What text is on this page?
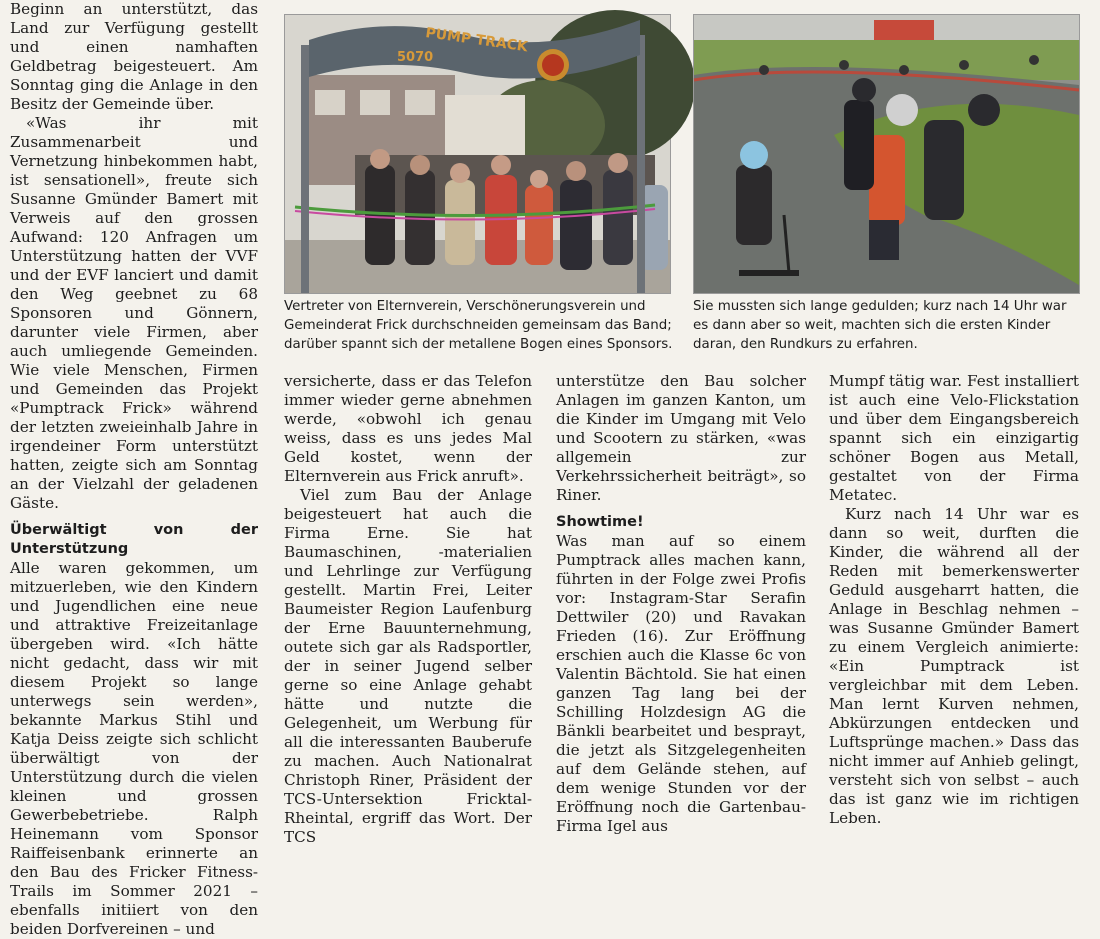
Beginn an unterstützt, das Land zur Verfügung gestellt und einen namhaften Geldbetrag beigesteuert. Am Sonntag ging die Anlage in den Besitz der Gemeinde über.

«Was ihr mit Zusammenarbeit und Vernetzung hinbekommen habt, ist sensationell», freute sich Susanne Gmünder Bamert mit Verweis auf den grossen Aufwand: 120 Anfragen um Unterstützung hatten der VVF und der EVF lanciert und damit den Weg geebnet zu 68 Sponsoren und Gönnern, darunter viele Firmen, aber auch umliegende Gemeinden. Wie viele Menschen, Firmen und Gemeinden das Projekt «Pumptrack Frick» während der letzten zweieinhalb Jahre in irgendeiner Form unterstützt hatten, zeigte sich am Sonntag an der Vielzahl der geladenen Gäste.

Überwältigt von der Unterstützung

Alle waren gekommen, um mitzuerleben, wie den Kindern und Jugendlichen eine neue und attraktive Freizeitanlage übergeben wird. «Ich hätte nicht gedacht, dass wir mit diesem Projekt so lange unterwegs sein werden», bekannte Markus Stihl und Katja Deiss zeigte sich schlicht überwältigt von der Unterstützung durch die vielen kleinen und grossen Gewerbebetriebe. Ralph Heinemann vom Sponsor Raiffeisenbank erinnerte an den Bau des Fricker Fitness-Trails im Sommer 2021 – ebenfalls initiiert von den beiden Dorfvereinen – und

PUMP TRACK
5070
Vertreter von Elternverein, Verschönerungsverein und Gemeinderat Frick durchschneiden gemeinsam das Band; darüber spannt sich der metallene Bogen eines Sponsors.
Sie mussten sich lange gedulden; kurz nach 14 Uhr war es dann aber so weit, machten sich die ersten Kinder daran, den Rundkurs zu erfahren.

versicherte, dass er das Telefon immer wieder gerne abnehmen werde, «obwohl ich genau weiss, dass es uns jedes Mal Geld kostet, wenn der Elternverein aus Frick anruft».

Viel zum Bau der Anlage beigesteuert hat auch die Firma Erne. Sie hat Baumaschinen, -materialien und Lehrlinge zur Verfügung gestellt. Martin Frei, Leiter Baumeister Region Laufenburg der Erne Bauunternehmung, outete sich gar als Radsportler, der in seiner Jugend selber gerne so eine Anlage gehabt hätte und nutzte die Gelegenheit, um Werbung für all die interessanten Bauberufe zu machen. Auch Nationalrat Christoph Riner, Präsident der TCS-Untersektion Fricktal-Rheintal, ergriff das Wort. Der TCS

unterstütze den Bau solcher Anlagen im ganzen Kanton, um die Kinder im Umgang mit Velo und Scootern zu stärken, «was allgemein zur Verkehrssicherheit beiträgt», so Riner.

Showtime!

Was man auf so einem Pumptrack alles machen kann, führten in der Folge zwei Profis vor: Instagram-Star Serafin Dettwiler (20) und Ravakan Frieden (16). Zur Eröffnung erschien auch die Klasse 6c von Valentin Bächtold. Sie hat einen ganzen Tag lang bei der Schilling Holzdesign AG die Bänkli bearbeitet und besprayt, die jetzt als Sitzgelegenheiten auf dem Gelände stehen, auf dem wenige Stunden vor der Eröffnung noch die Gartenbau-Firma Igel aus

Mumpf tätig war. Fest installiert ist auch eine Velo-Flickstation und über dem Eingangsbereich spannt sich ein einzigartig schöner Bogen aus Metall, gestaltet von der Firma Metatec.

Kurz nach 14 Uhr war es dann so weit, durften die Kinder, die während all der Reden mit bemerkenswerter Geduld ausgeharrt hatten, die Anlage in Beschlag nehmen – was Susanne Gmünder Bamert zu einem Vergleich animierte: «Ein Pumptrack ist vergleichbar mit dem Leben. Man lernt Kurven nehmen, Abkürzungen entdecken und Luftsprünge machen.» Dass das nicht immer auf Anhieb gelingt, versteht sich von selbst – auch das ist ganz wie im richtigen Leben.
